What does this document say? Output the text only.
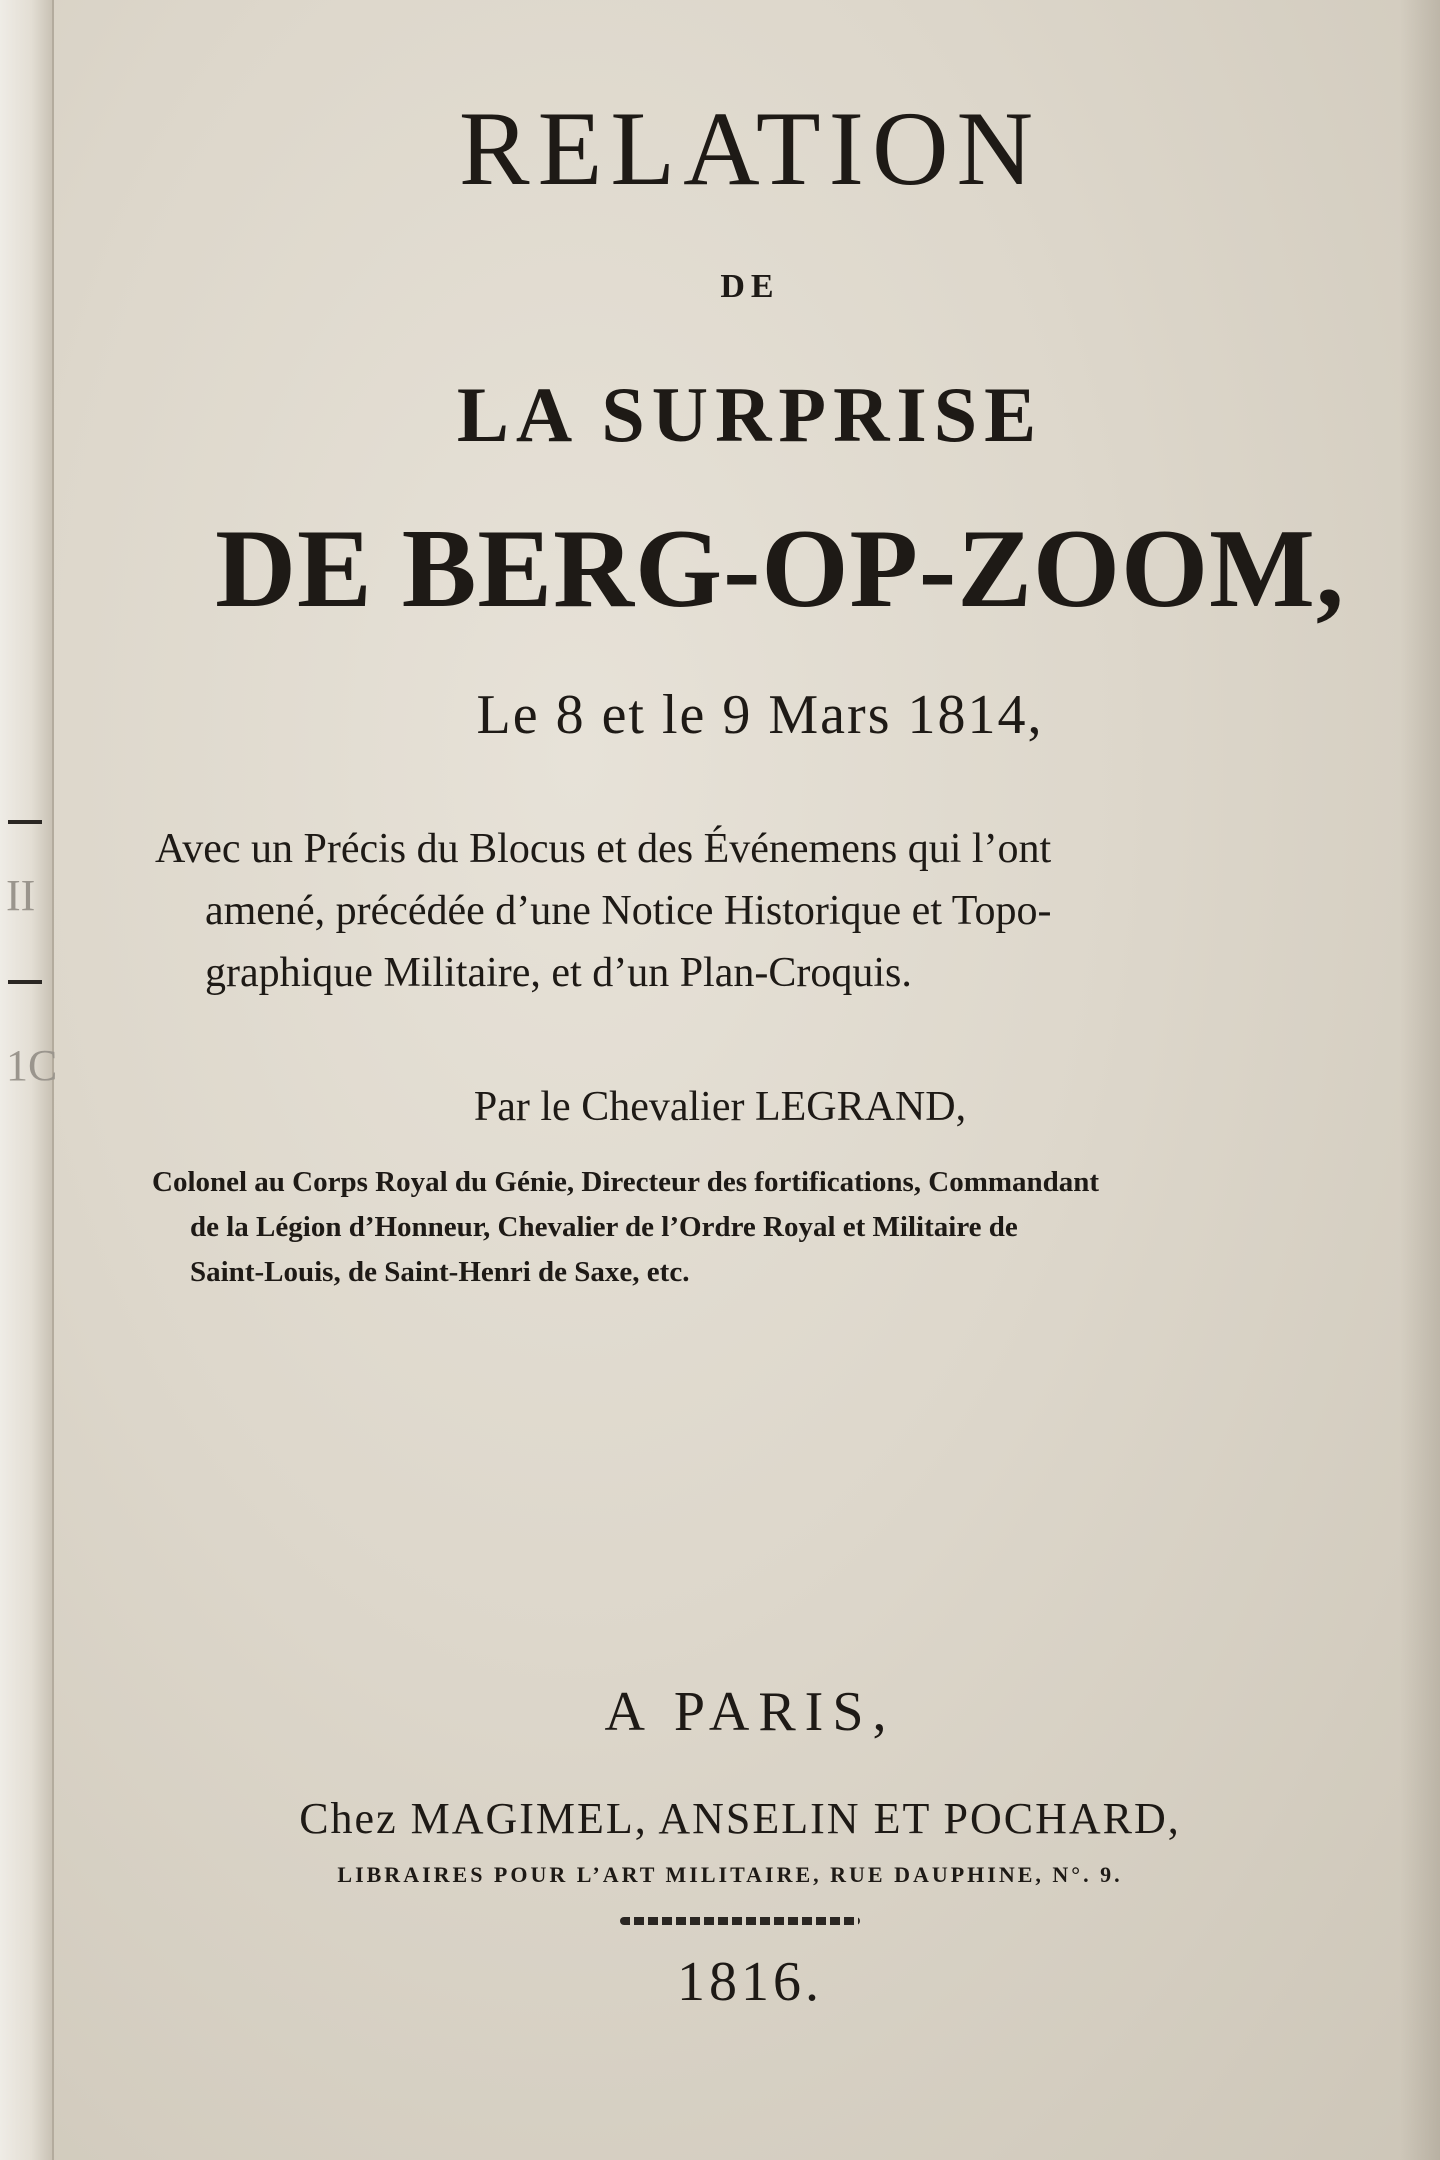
II
1C
RELATION
DE
LA SURPRISE
DE BERG-OP-ZOOM,
Le 8 et le 9 Mars 1814,
Avec un Précis du Blocus et des Événemens qui l’ont
amené, précédée d’une Notice Historique et Topo-
graphique Militaire, et d’un Plan-Croquis.
Par le Chevalier LEGRAND,
Colonel au Corps Royal du Génie, Directeur des fortifications, Commandant
de la Légion d’Honneur, Chevalier de l’Ordre Royal et Militaire de
Saint-Louis, de Saint-Henri de Saxe, etc.
A PARIS,
Chez MAGIMEL, ANSELIN ET POCHARD,
LIBRAIRES POUR L’ART MILITAIRE, RUE DAUPHINE, N°. 9.
1816.
